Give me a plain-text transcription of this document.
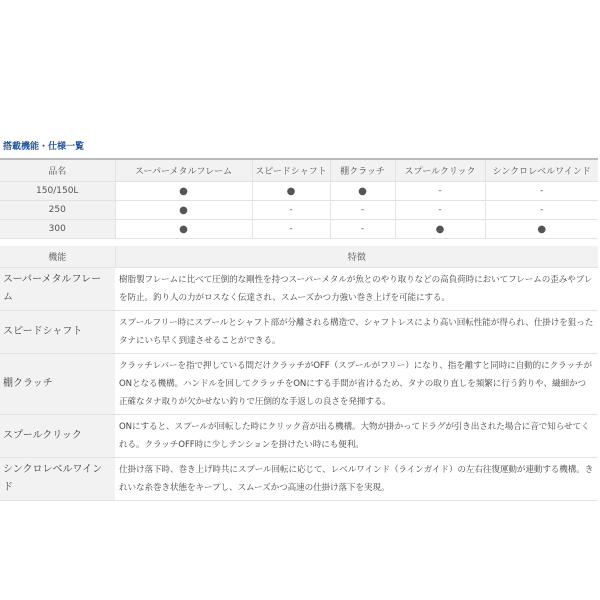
搭載機能・仕様一覧
品名	スーパーメタルフレーム	スピードシャフト	棚クラッチ	スプールクリック	シンクロレベルワインド
150/150L	●	●	●	-	-
250	●	-	-	-	-
300	●	-	-	●	●
機能	特徴
スーパーメタルフレーム	樹脂製フレームに比べて圧倒的な剛性を持つスーパーメタルが魚とのやり取りなどの高負荷時においてフレームの歪みやブレを防止。釣り人の力がロスなく伝達され、スムーズかつ力強い巻き上げを可能にする。
スピードシャフト	スプールフリー時にスプールとシャフト部が分離される構造で、シャフトレスにより高い回転性能が得られ、仕掛けを狙ったタナにいち早く到達させることができる。
棚クラッチ	クラッチレバーを指で押している間だけクラッチがOFF（スプールがフリー）になり、指を離すと同時に自動的にクラッチがONとなる機構。ハンドルを回してクラッチをONにする手間が省けるため、タナの取り直しを頻繁に行う釣りや、繊細かつ正確なタナ取りが欠かせない釣りで圧倒的な手返しの良さを発揮する。
スプールクリック	ONにすると、スプールが回転した時にクリック音が出る機構。大物が掛かってドラグが引き出された場合に音で知らせてくれる。クラッチOFF時に少しテンションを掛けたい時にも便利。
シンクロレベルワインド	仕掛け落下時、巻き上げ時共にスプール回転に応じて、レベルワインド（ラインガイド）の左右往復運動が連動する機構。きれいな糸巻き状態をキープし、スムーズかつ高速の仕掛け落下を実現。
